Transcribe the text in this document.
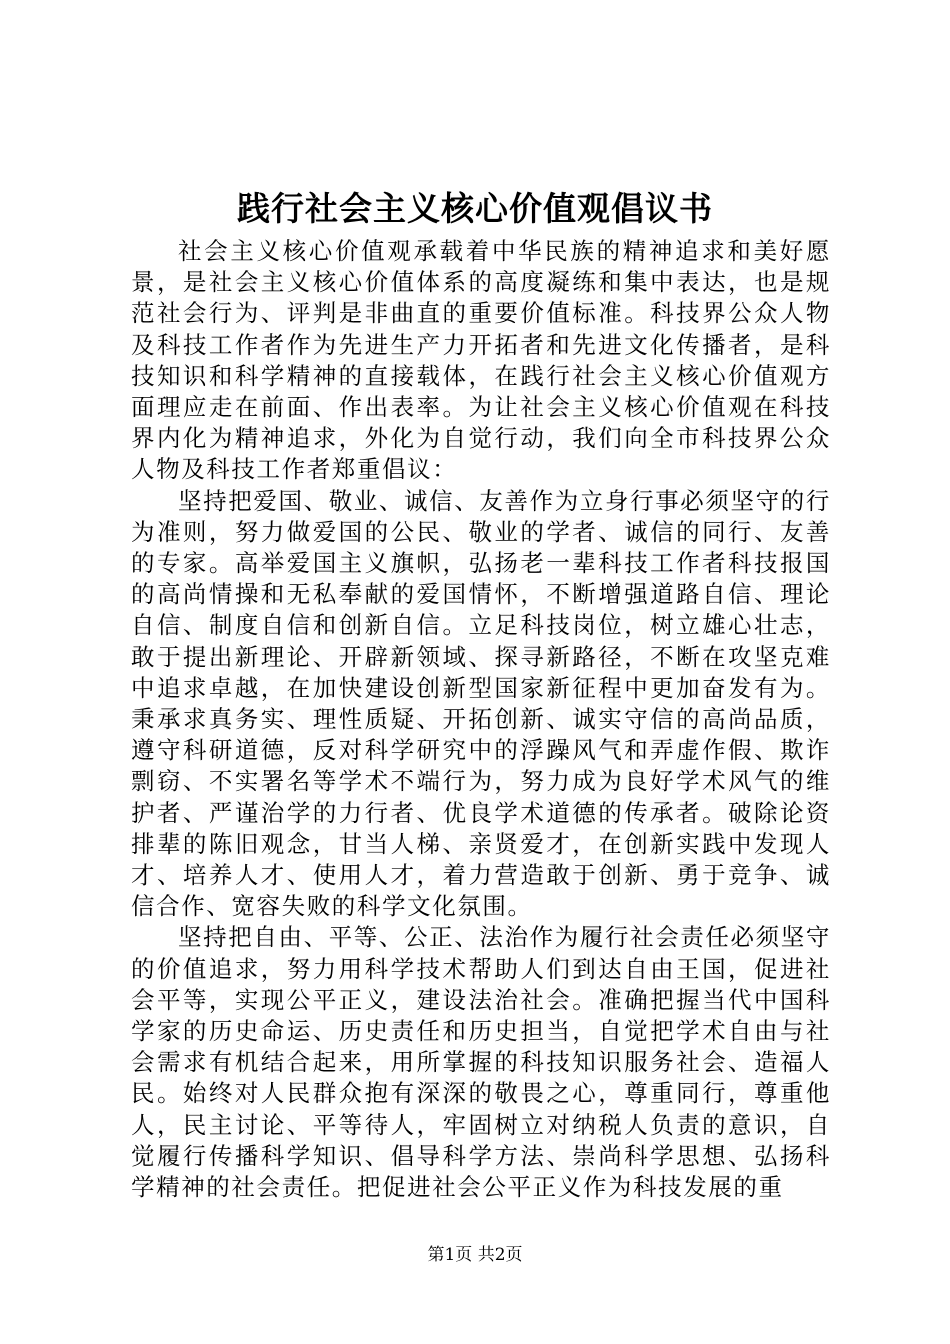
践行社会主义核心价值观倡议书

社会主义核心价值观承载着中华民族的精神追求和美好愿景，是社会主义核心价值体系的高度凝练和集中表达，也是规范社会行为、评判是非曲直的重要价值标准。科技界公众人物及科技工作者作为先进生产力开拓者和先进文化传播者，是科技知识和科学精神的直接载体，在践行社会主义核心价值观方面理应走在前面、作出表率。为让社会主义核心价值观在科技界内化为精神追求，外化为自觉行动，我们向全市科技界公众人物及科技工作者郑重倡议：

坚持把爱国、敬业、诚信、友善作为立身行事必须坚守的行为准则，努力做爱国的公民、敬业的学者、诚信的同行、友善的专家。高举爱国主义旗帜，弘扬老一辈科技工作者科技报国的高尚情操和无私奉献的爱国情怀，不断增强道路自信、理论自信、制度自信和创新自信。立足科技岗位，树立雄心壮志，敢于提出新理论、开辟新领域、探寻新路径，不断在攻坚克难中追求卓越，在加快建设创新型国家新征程中更加奋发有为。秉承求真务实、理性质疑、开拓创新、诚实守信的高尚品质，遵守科研道德，反对科学研究中的浮躁风气和弄虚作假、欺诈剽窃、不实署名等学术不端行为，努力成为良好学术风气的维护者、严谨治学的力行者、优良学术道德的传承者。破除论资排辈的陈旧观念，甘当人梯、亲贤爱才，在创新实践中发现人才、培养人才、使用人才，着力营造敢于创新、勇于竞争、诚信合作、宽容失败的科学文化氛围。

坚持把自由、平等、公正、法治作为履行社会责任必须坚守的价值追求，努力用科学技术帮助人们到达自由王国，促进社会平等，实现公平正义，建设法治社会。准确把握当代中国科学家的历史命运、历史责任和历史担当，自觉把学术自由与社会需求有机结合起来，用所掌握的科技知识服务社会、造福人民。始终对人民群众抱有深深的敬畏之心，尊重同行，尊重他人，民主讨论、平等待人，牢固树立对纳税人负责的意识，自觉履行传播科学知识、倡导科学方法、崇尚科学思想、弘扬科学精神的社会责任。把促进社会公平正义作为科技发展的重

第1页 共2页
